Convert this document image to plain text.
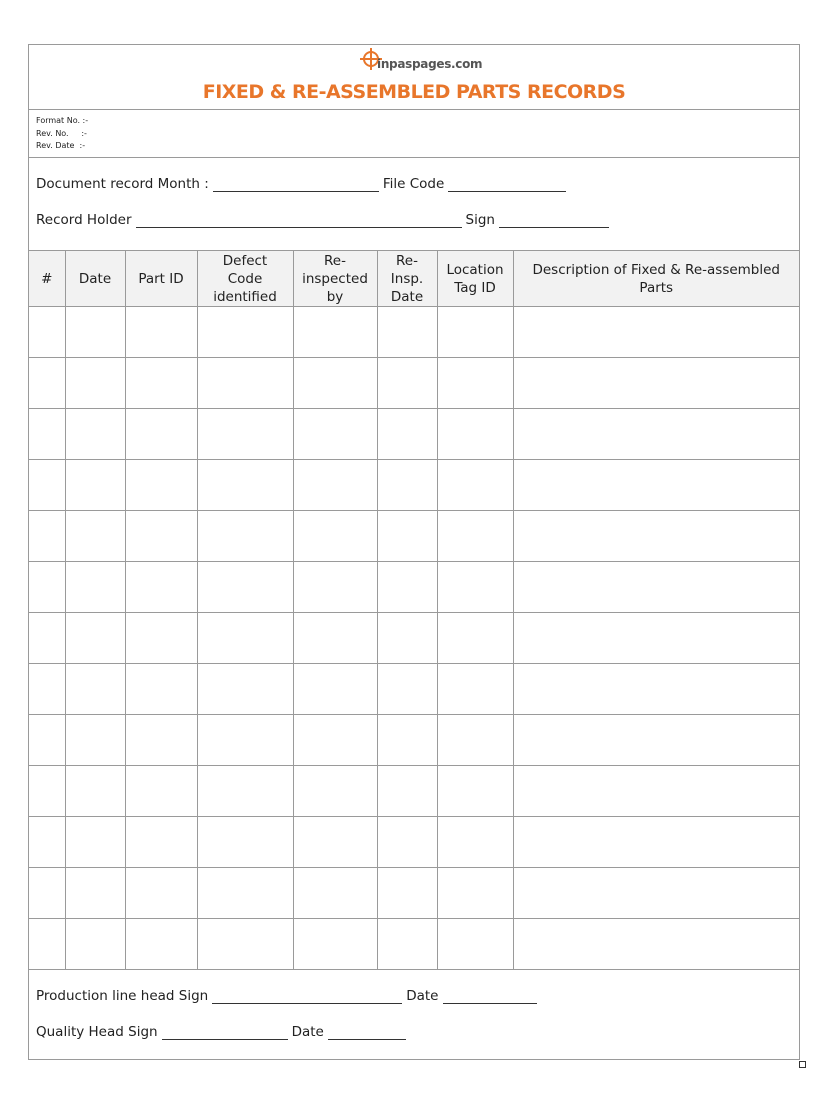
inpaspages.com
FIXED & RE-ASSEMBLED PARTS RECORDS
Format No. :-
Rev. No. :-
Rev. Date :-
Document record Month :	File Code
Record Holder	Sign
#	Date	Part ID	Defect Code identified	Re-inspected by	Re-Insp. Date	Location Tag ID	Description of Fixed & Re-assembled Parts

Production line head Sign	Date
Quality Head Sign	Date
